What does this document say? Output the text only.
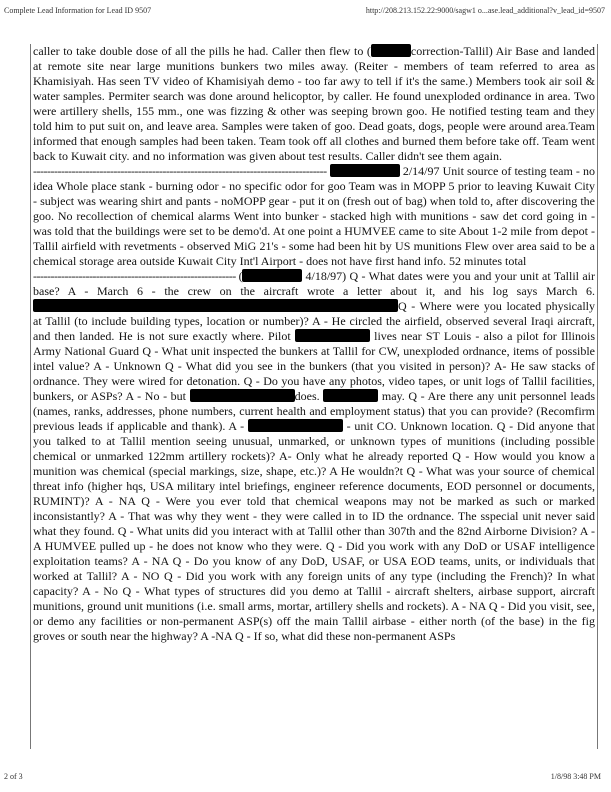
Complete Lead Information for Lead ID 9507	http://208.213.152.22:9000/sagw1 o...ase.lead_additional?v_lead_id=9507

caller to take double dose of all the pills he had. Caller then flew to (	correction-Tallil) Air Base and landed at remote site near large munitions bunkers two miles away. (Reiter - members of team referred to area as Khamisiyah. Has seen TV video of Khamisiyah demo - too far awy to tell if it's the same.) Members took air soil & water samples. Permiter search was done around helicoptor, by caller. He found unexploded ordinance in area. Two were artillery shells, 155 mm., one was fizzing & other was seeping brown goo. He notified testing team and they told him to put suit on, and leave area. Samples were taken of goo. Dead goats, dogs, people were around area.Team informed that enough samples had been taken. Team took off all clothes and burned them before take off. Team went back to Kuwait city. and no information was given about test results. Caller didn't see them again.

------------------------------------------------------------------------------------	2/14/97 Unit source of testing team - no idea Whole place stank - burning odor - no specific odor for goo Team was in MOPP 5 prior to leaving Kuwait City - subject was wearing shirt and pants - noMOPP gear - put it on (fresh out of bag) when told to, after discovering the goo. No recollection of chemical alarms Went into bunker - stacked high with munitions - saw det cord going in - was told that the buildings were set to be demo'd. At one point a HUMVEE came to site About 1-2 mile from depot - Tallil airfield with revetments - observed MiG 21's - some had been hit by US munitions Flew over area said to be a chemical storage area outside Kuwait City Int'l Airport - does not have first hand info. 52 minutes total

---------------------------------------------------------- (	4/18/97) Q - What dates were you and your unit at Tallil air base? A - March 6 - the crew on the aircraft wrote a letter about it, and his log says March 6. Q - Where were you located physically at Tallil (to include building types, location or number)? A - He circled the airfield, observed several Iraqi aircraft, and then landed. He is not sure exactly where. Pilot	lives near ST Louis - also a pilot for Illinois Army National Guard Q - What unit inspected the bunkers at Tallil for CW, unexploded ordnance, items of possible intel value? A - Unknown Q - What did you see in the bunkers (that you visited in person)? A- He saw stacks of ordnance. They were wired for detonation. Q - Do you have any photos, video tapes, or unit logs of Tallil facilities, bunkers, or ASPs? A - No - but	does.	may. Q - Are there any unit personnel leads (names, ranks, addresses, phone numbers, current health and employment status) that you can provide? (Recomfirm previous leads if applicable and thank). A -	- unit CO. Unknown location. Q - Did anyone that you talked to at Tallil mention seeing unusual, unmarked, or unknown types of munitions (including possible chemical or unmarked 122mm artillery rockets)? A- Only what he already reported Q - How would you know a munition was chemical (special markings, size, shape, etc.)? A He wouldn?t Q - What was your source of chemical threat info (higher hqs, USA military intel briefings, engineer reference documents, EOD personnel or documents, RUMINT)? A - NA Q - Were you ever told that chemical weapons may not be marked as such or marked inconsistantly? A - That was why they went - they were called in to ID the ordnance. The sspecial unit never said what they found. Q - What units did you interact with at Tallil other than 307th and the 82nd Airborne Division? A - A HUMVEE pulled up - he does not know who they were. Q - Did you work with any DoD or USAF intelligence exploitation teams? A - NA Q - Do you know of any DoD, USAF, or USA EOD teams, units, or individuals that worked at Tallil? A - NO Q - Did you work with any foreign units of any type (including the French)? In what capacity? A - No Q - What types of structures did you demo at Tallil - aircraft shelters, airbase support, aircraft munitions, ground unit munitions (i.e. small arms, mortar, artillery shells and rockets). A - NA Q - Did you visit, see, or demo any facilities or non-permanent ASP(s) off the main Tallil airbase - either north (of the base) in the fig groves or south near the highway? A -NA Q - If so, what did these non-permanent ASPs

2 of 3	1/8/98 3:48 PM
